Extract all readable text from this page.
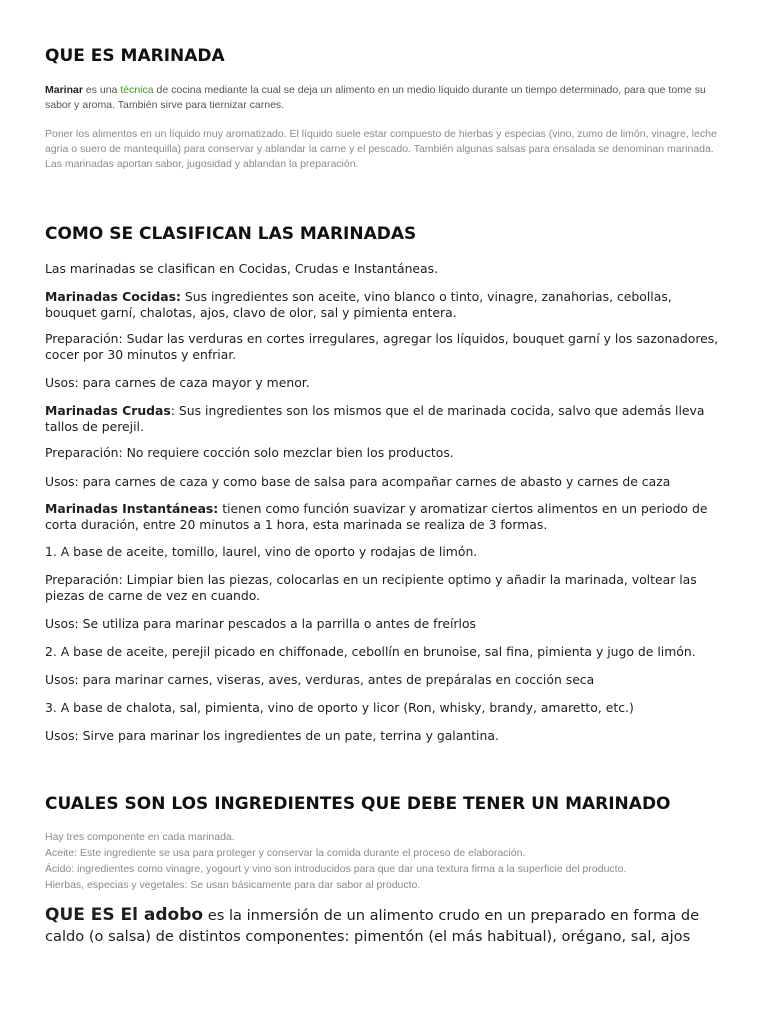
QUE ES MARINADA

Marinar es una técnica de cocina mediante la cual se deja un alimento en un medio líquido durante un tiempo determinado, para que tome su sabor y aroma. También sirve para tiernizar carnes.

Poner los alimentos en un líquido muy aromatizado. El líquido suele estar compuesto de hierbas y especias (vino, zumo de limón, vinagre, leche agria o suero de mantequilla) para conservar y ablandar la carne y el pescado. También algunas salsas para ensalada se denominan marinada. Las marinadas aportan sabor, jugosidad y ablandan la preparación.

COMO SE CLASIFICAN LAS MARINADAS

Las marinadas se clasifican en Cocidas, Crudas e Instantáneas.

Marinadas Cocidas: Sus ingredientes son aceite, vino blanco o tinto, vinagre, zanahorias, cebollas, bouquet garní, chalotas, ajos, clavo de olor, sal y pimienta entera.

Preparación: Sudar las verduras en cortes irregulares, agregar los líquidos, bouquet garní y los sazonadores, cocer por 30 minutos y enfriar.

Usos: para carnes de caza mayor y menor.

Marinadas Crudas: Sus ingredientes son los mismos que el de marinada cocida, salvo que además lleva tallos de perejil.

Preparación: No requiere cocción solo mezclar bien los productos.

Usos: para carnes de caza y como base de salsa para acompañar carnes de abasto y carnes de caza

Marinadas Instantáneas: tienen como función suavizar y aromatizar ciertos alimentos en un periodo de corta duración, entre 20 minutos a 1 hora, esta marinada se realiza de 3 formas.

1. A base de aceite, tomillo, laurel, vino de oporto y rodajas de limón.

Preparación: Limpiar bien las piezas, colocarlas en un recipiente optimo y añadir la marinada, voltear las piezas de carne de vez en cuando.

Usos: Se utiliza para marinar pescados a la parrilla o antes de freírlos

2. A base de aceite, perejil picado en chiffonade, cebollín en brunoise, sal fina, pimienta y jugo de limón.

Usos: para marinar carnes, viseras, aves, verduras, antes de prepáralas en cocción seca

3. A base de chalota, sal, pimienta, vino de oporto y licor (Ron, whisky, brandy, amaretto, etc.)

Usos: Sirve para marinar los ingredientes de un pate, terrina y galantina.

CUALES SON LOS INGREDIENTES QUE DEBE TENER UN MARINADO

Hay tres componente en cada marinada.
Aceite: Este ingrediente se usa para proteger y conservar la comida durante el proceso de elaboración.
Ácido: ingredientes como vinagre, yogourt y vino son introducidos para que dar una textura firma a la superficie del producto.
Hierbas, especias y vegetales: Se usan básicamente para dar sabor al producto.

QUE ES El adobo es la inmersión de un alimento crudo en un preparado en forma de caldo (o salsa) de distintos componentes: pimentón (el más habitual), orégano, sal, ajos
